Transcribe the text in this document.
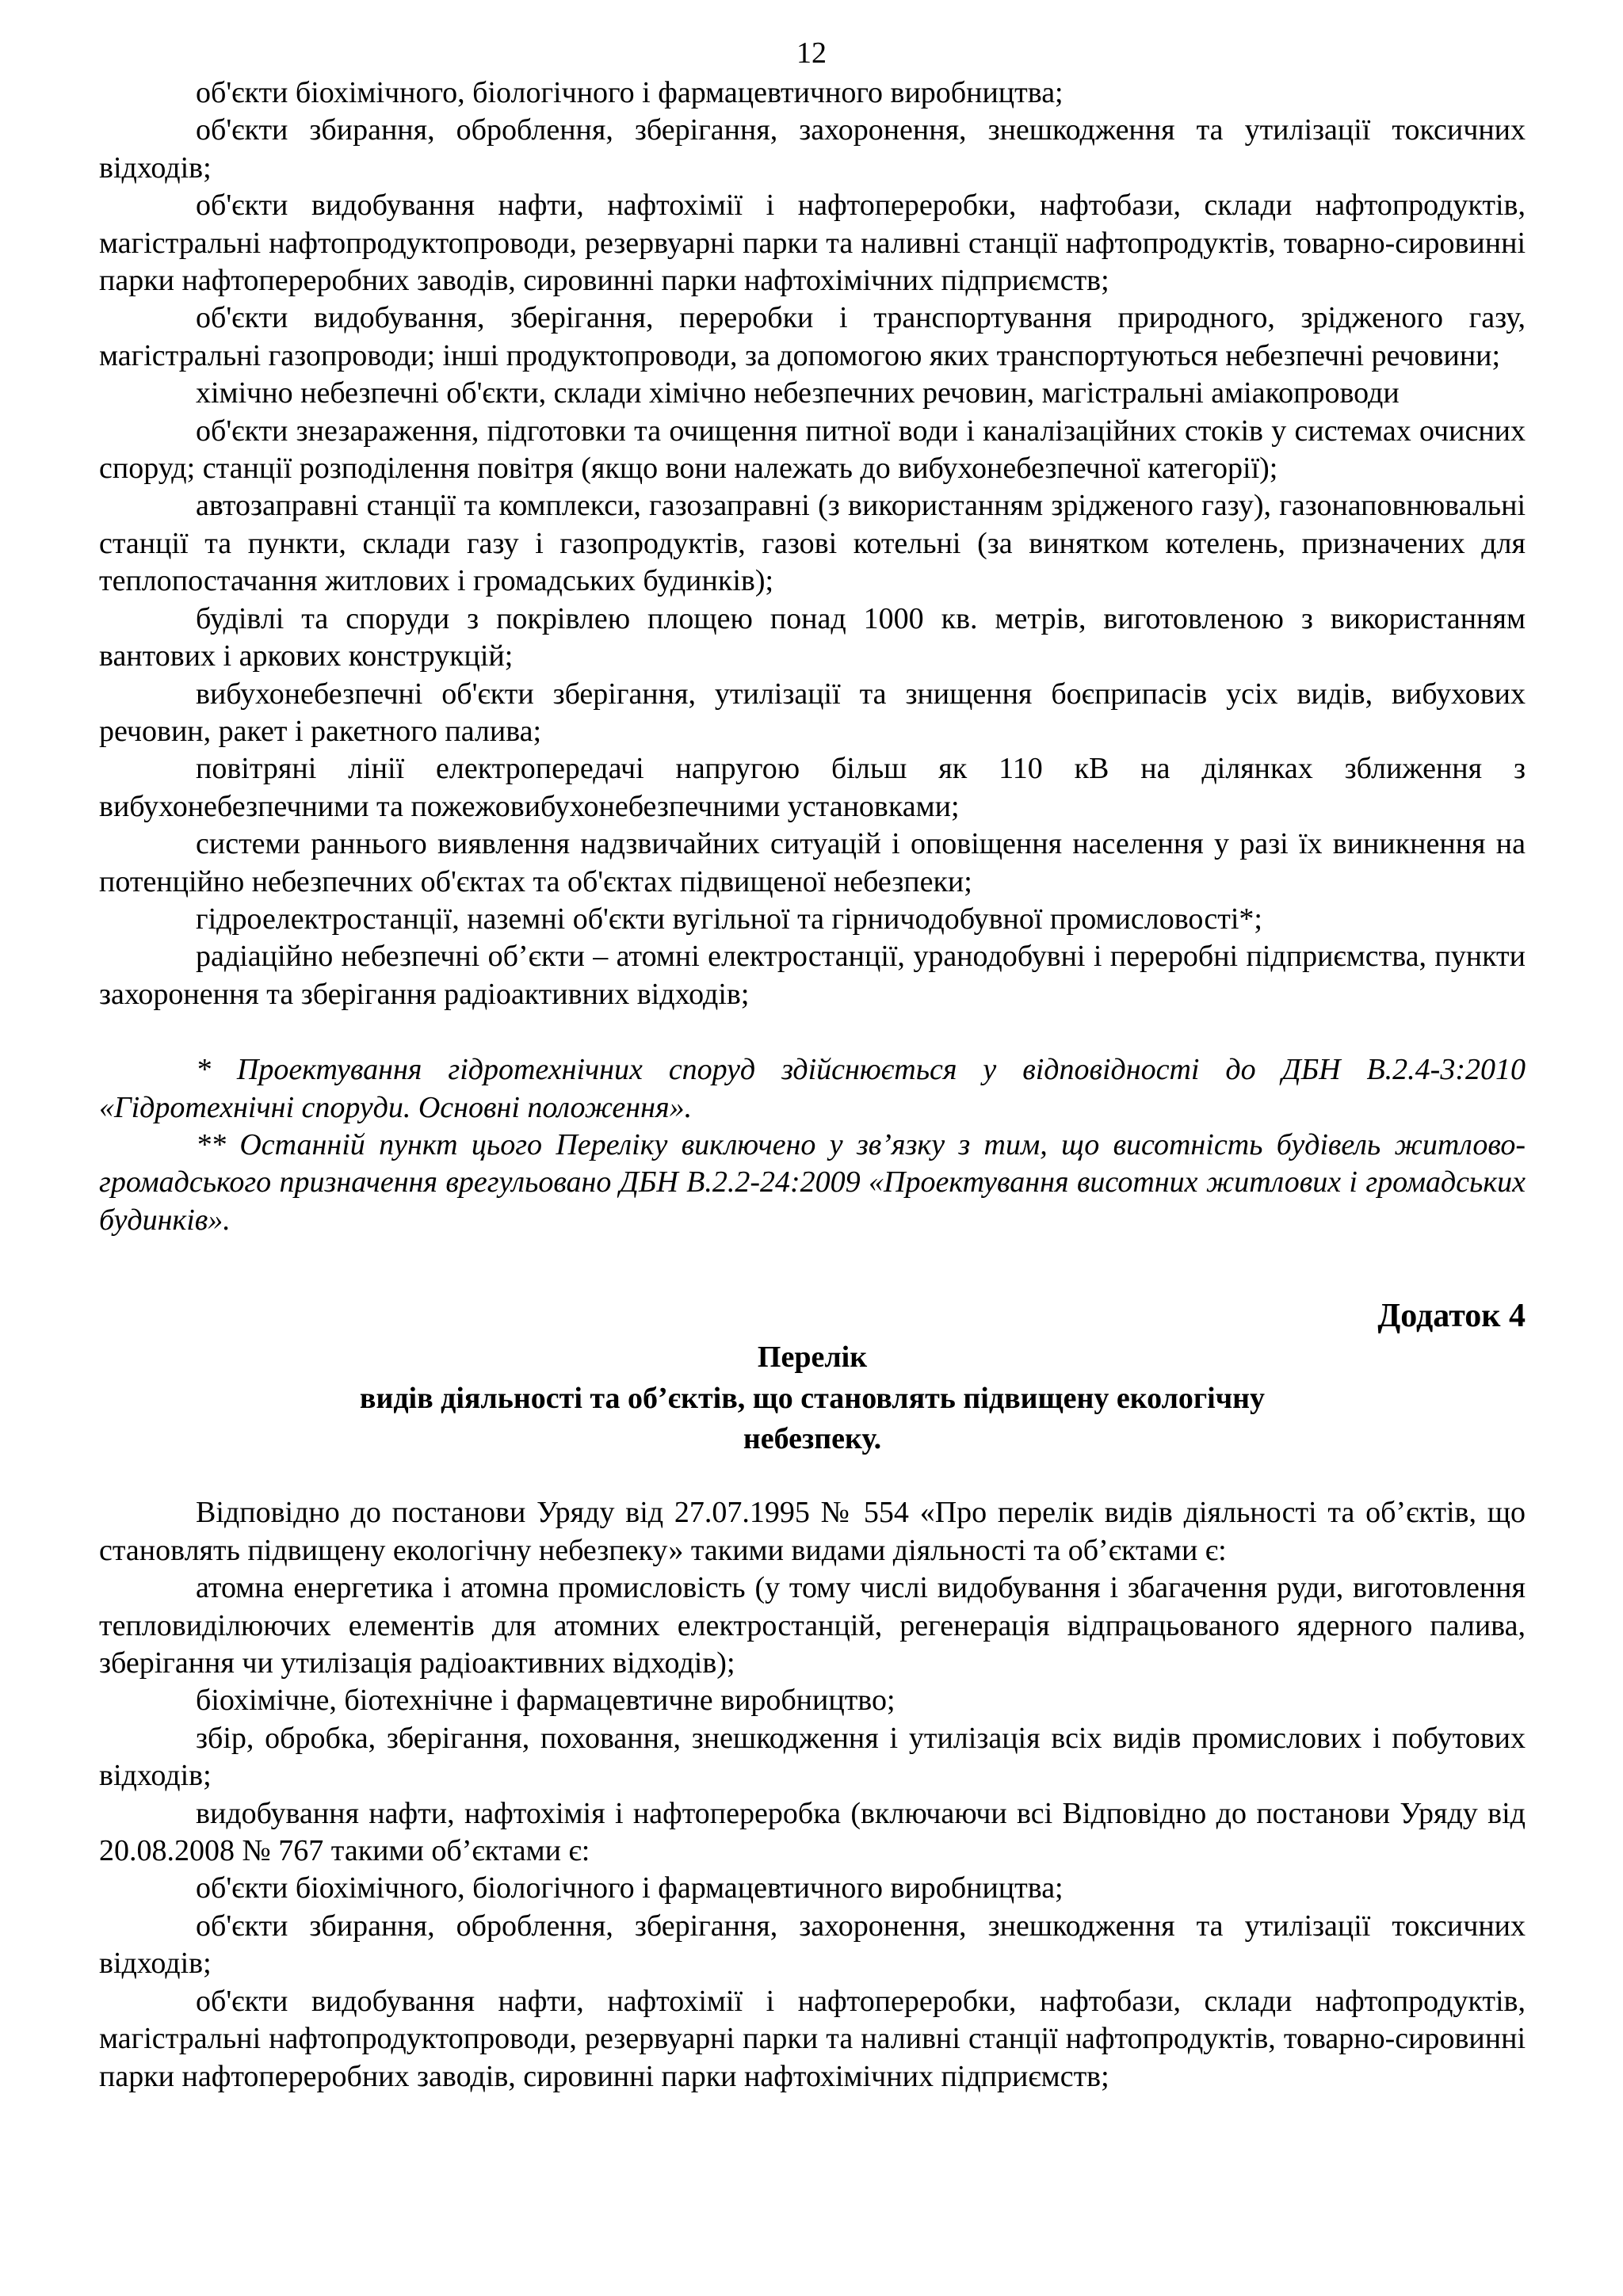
12

об'єкти біохімічного, біологічного і фармацевтичного виробництва;

об'єкти збирання, оброблення, зберігання, захоронення, знешкодження та утилізації токсичних відходів;

об'єкти видобування нафти, нафтохімії і нафтопереробки, нафтобази, склади нафтопродуктів, магістральні нафтопродуктопроводи, резервуарні парки та наливні станції нафтопродуктів, товарно-сировинні парки нафтопереробних заводів, сировинні парки нафтохімічних підприємств;

об'єкти видобування, зберігання, переробки і транспортування природного, зрідженого газу, магістральні газопроводи; інші продуктопроводи, за допомогою яких транспортуються небезпечні речовини;

хімічно небезпечні об'єкти, склади хімічно небезпечних речовин, магістральні аміакопроводи

об'єкти знезараження, підготовки та очищення питної води і каналізаційних стоків у системах очисних споруд; станції розподілення повітря (якщо вони належать до вибухонебезпечної категорії);

автозаправні станції та комплекси, газозаправні (з використанням зрідженого газу), газонаповнювальні станції та пункти, склади газу і газопродуктів, газові котельні (за винятком котелень, призначених для теплопостачання житлових і громадських будинків);

будівлі та споруди з покрівлею площею понад 1000 кв. метрів, виготовленою з використанням вантових і аркових конструкцій;

вибухонебезпечні об'єкти зберігання, утилізації та знищення боєприпасів усіх видів, вибухових речовин, ракет і ракетного палива;

повітряні лінії електропередачі напругою більш як 110 кВ на ділянках зближення з вибухонебезпечними та пожежовибухонебезпечними установками;

системи раннього виявлення надзвичайних ситуацій і оповіщення населення у разі їх виникнення на потенційно небезпечних об'єктах та об'єктах підвищеної небезпеки;

гідроелектростанції, наземні об'єкти вугільної та гірничодобувної промисловості*;

радіаційно небезпечні об’єкти – атомні електростанції, уранодобувні і переробні підприємства, пункти захоронення та зберігання радіоактивних відходів;

* Проектування гідротехнічних споруд здійснюється у відповідності до ДБН В.2.4-3:2010 «Гідротехнічні споруди. Основні положення».

** Останній пункт цього Переліку виключено у зв’язку з тим, що висотність будівель житлово-громадського призначення врегульовано ДБН В.2.2-24:2009 «Проектування висотних житлових і громадських будинків».

Додаток 4

Перелік

видів діяльності та об’єктів, що становлять підвищену екологічну

небезпеку.

Відповідно до постанови Уряду від 27.07.1995 № 554 «Про перелік видів діяльності та об’єктів, що становлять підвищену екологічну небезпеку» такими видами діяльності та об’єктами є:

атомна енергетика і атомна промисловість (у тому числі видобування і збагачення руди, виготовлення тепловиділюючих елементів для атомних електростанцій, регенерація відпрацьованого ядерного палива, зберігання чи утилізація радіоактивних відходів);

біохімічне, біотехнічне і фармацевтичне виробництво;

збір, обробка, зберігання, поховання, знешкодження і утилізація всіх видів промислових і побутових відходів;

видобування нафти, нафтохімія і нафтопереробка (включаючи всі Відповідно до постанови Уряду від 20.08.2008 № 767 такими об’єктами є:

об'єкти біохімічного, біологічного і фармацевтичного виробництва;

об'єкти збирання, оброблення, зберігання, захоронення, знешкодження та утилізації токсичних відходів;

об'єкти видобування нафти, нафтохімії і нафтопереробки, нафтобази, склади нафтопродуктів, магістральні нафтопродуктопроводи, резервуарні парки та наливні станції нафтопродуктів, товарно-сировинні парки нафтопереробних заводів, сировинні парки нафтохімічних підприємств;
